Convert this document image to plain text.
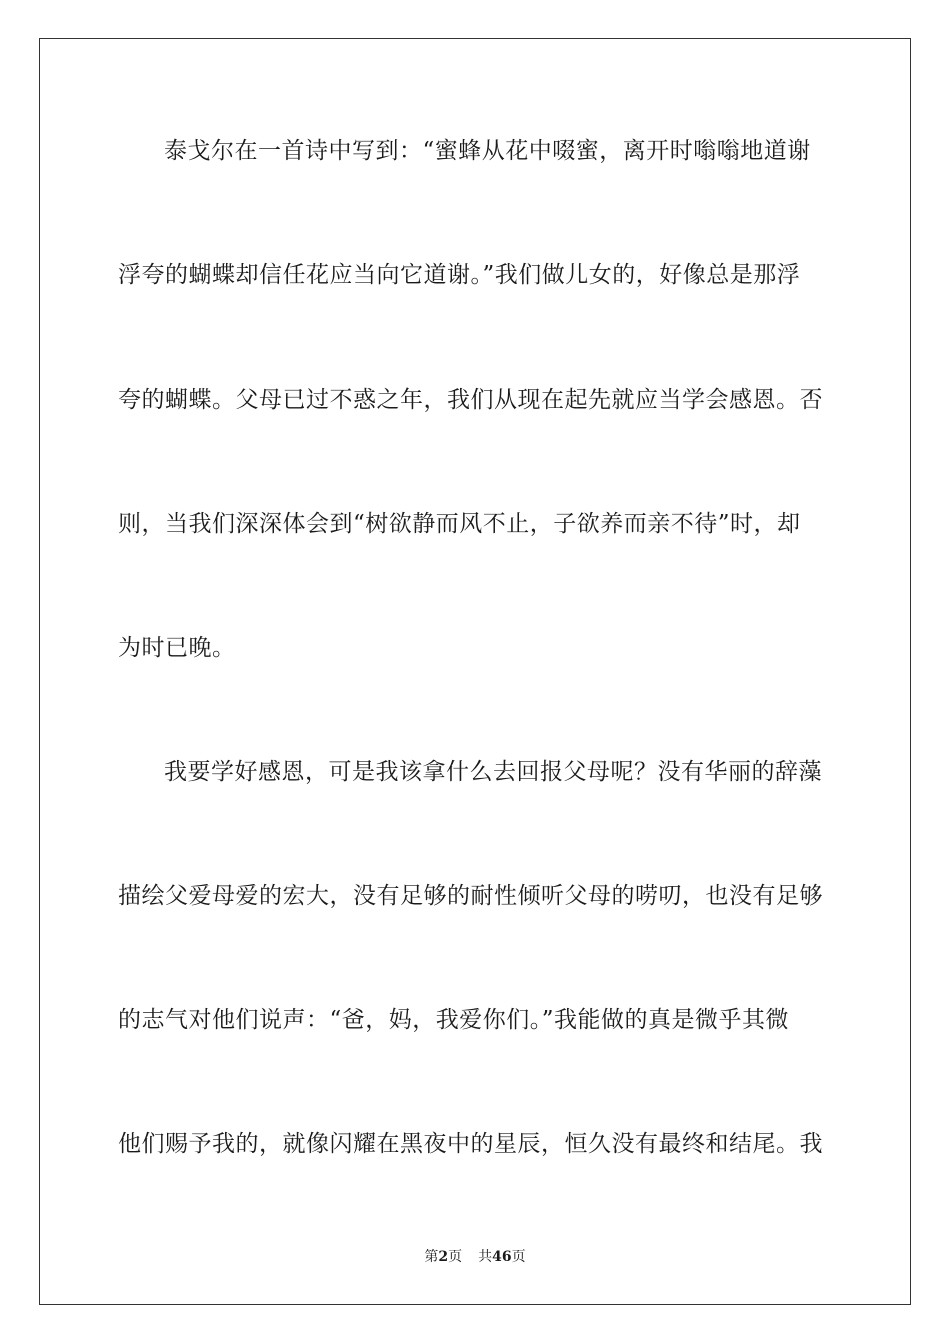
泰戈尔在一首诗中写到：“蜜蜂从花中啜蜜，离开时嗡嗡地道谢
浮夸的蝴蝶却信任花应当向它道谢。”我们做儿女的，好像总是那浮
夸的蝴蝶。父母已过不惑之年，我们从现在起先就应当学会感恩。否
则，当我们深深体会到“树欲静而风不止，子欲养而亲不待”时，却
为时已晚。
我要学好感恩，可是我该拿什么去回报父母呢？没有华丽的辞藻
描绘父爱母爱的宏大，没有足够的耐性倾听父母的唠叨，也没有足够
的志气对他们说声：“爸，妈，我爱你们。”我能做的真是微乎其微
他们赐予我的，就像闪耀在黑夜中的星辰，恒久没有最终和结尾。我
第2页 共46页
